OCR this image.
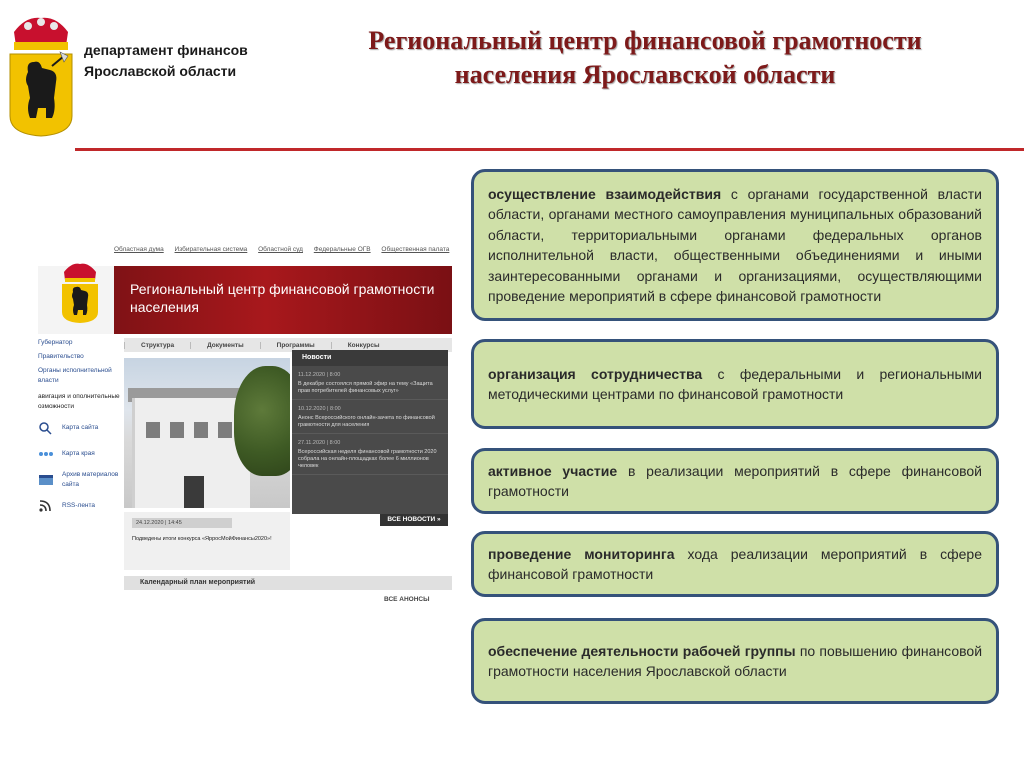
департамент финансов
Ярославской области
Региональный центр финансовой грамотности
населения Ярославской области
Областная дума Избирательная система Областной суд Федеральные ОГВ Общественная палата
Региональный центр финансовой грамотности населения
Губернатор
Правительство
Органы исполнительной власти
авигация и ополнительные озможности
Карта сайта
Карта края
Архив материалов сайта
RSS-лента
Структура	Документы	Программы	Конкурсы
Новости
11.12.2020 | 8:00
В декабре состоялся прямой эфир на тему «Защита прав потребителей финансовых услуг»
10.12.2020 | 8:00
Анонс Всероссийского онлайн-зачета по финансовой грамотности для населения
27.11.2020 | 8:00
Всероссийская неделя финансовой грамотности 2020 собрала на онлайн-площадках более 6 миллионов человек
ВСЕ НОВОСТИ »
24.12.2020 | 14:45
Подведены итоги конкурса «ЯрросМойФинансы2020»!
Календарный план мероприятий
ВСЕ АНОНСЫ

осуществление взаимодействия с органами государственной власти области, органами местного самоуправления муниципальных образований области, территориальными органами федеральных органов исполнительной власти, общественными объединениями и иными заинтересованными органами и организациями, осуществляющими проведение мероприятий в сфере финансовой грамотности

организация сотрудничества с федеральными и региональными методическими центрами по финансовой грамотности

активное участие в реализации мероприятий в сфере финансовой грамотности

проведение мониторинга хода реализации мероприятий в сфере финансовой грамотности

обеспечение деятельности рабочей группы по повышению финансовой грамотности населения Ярославской области
